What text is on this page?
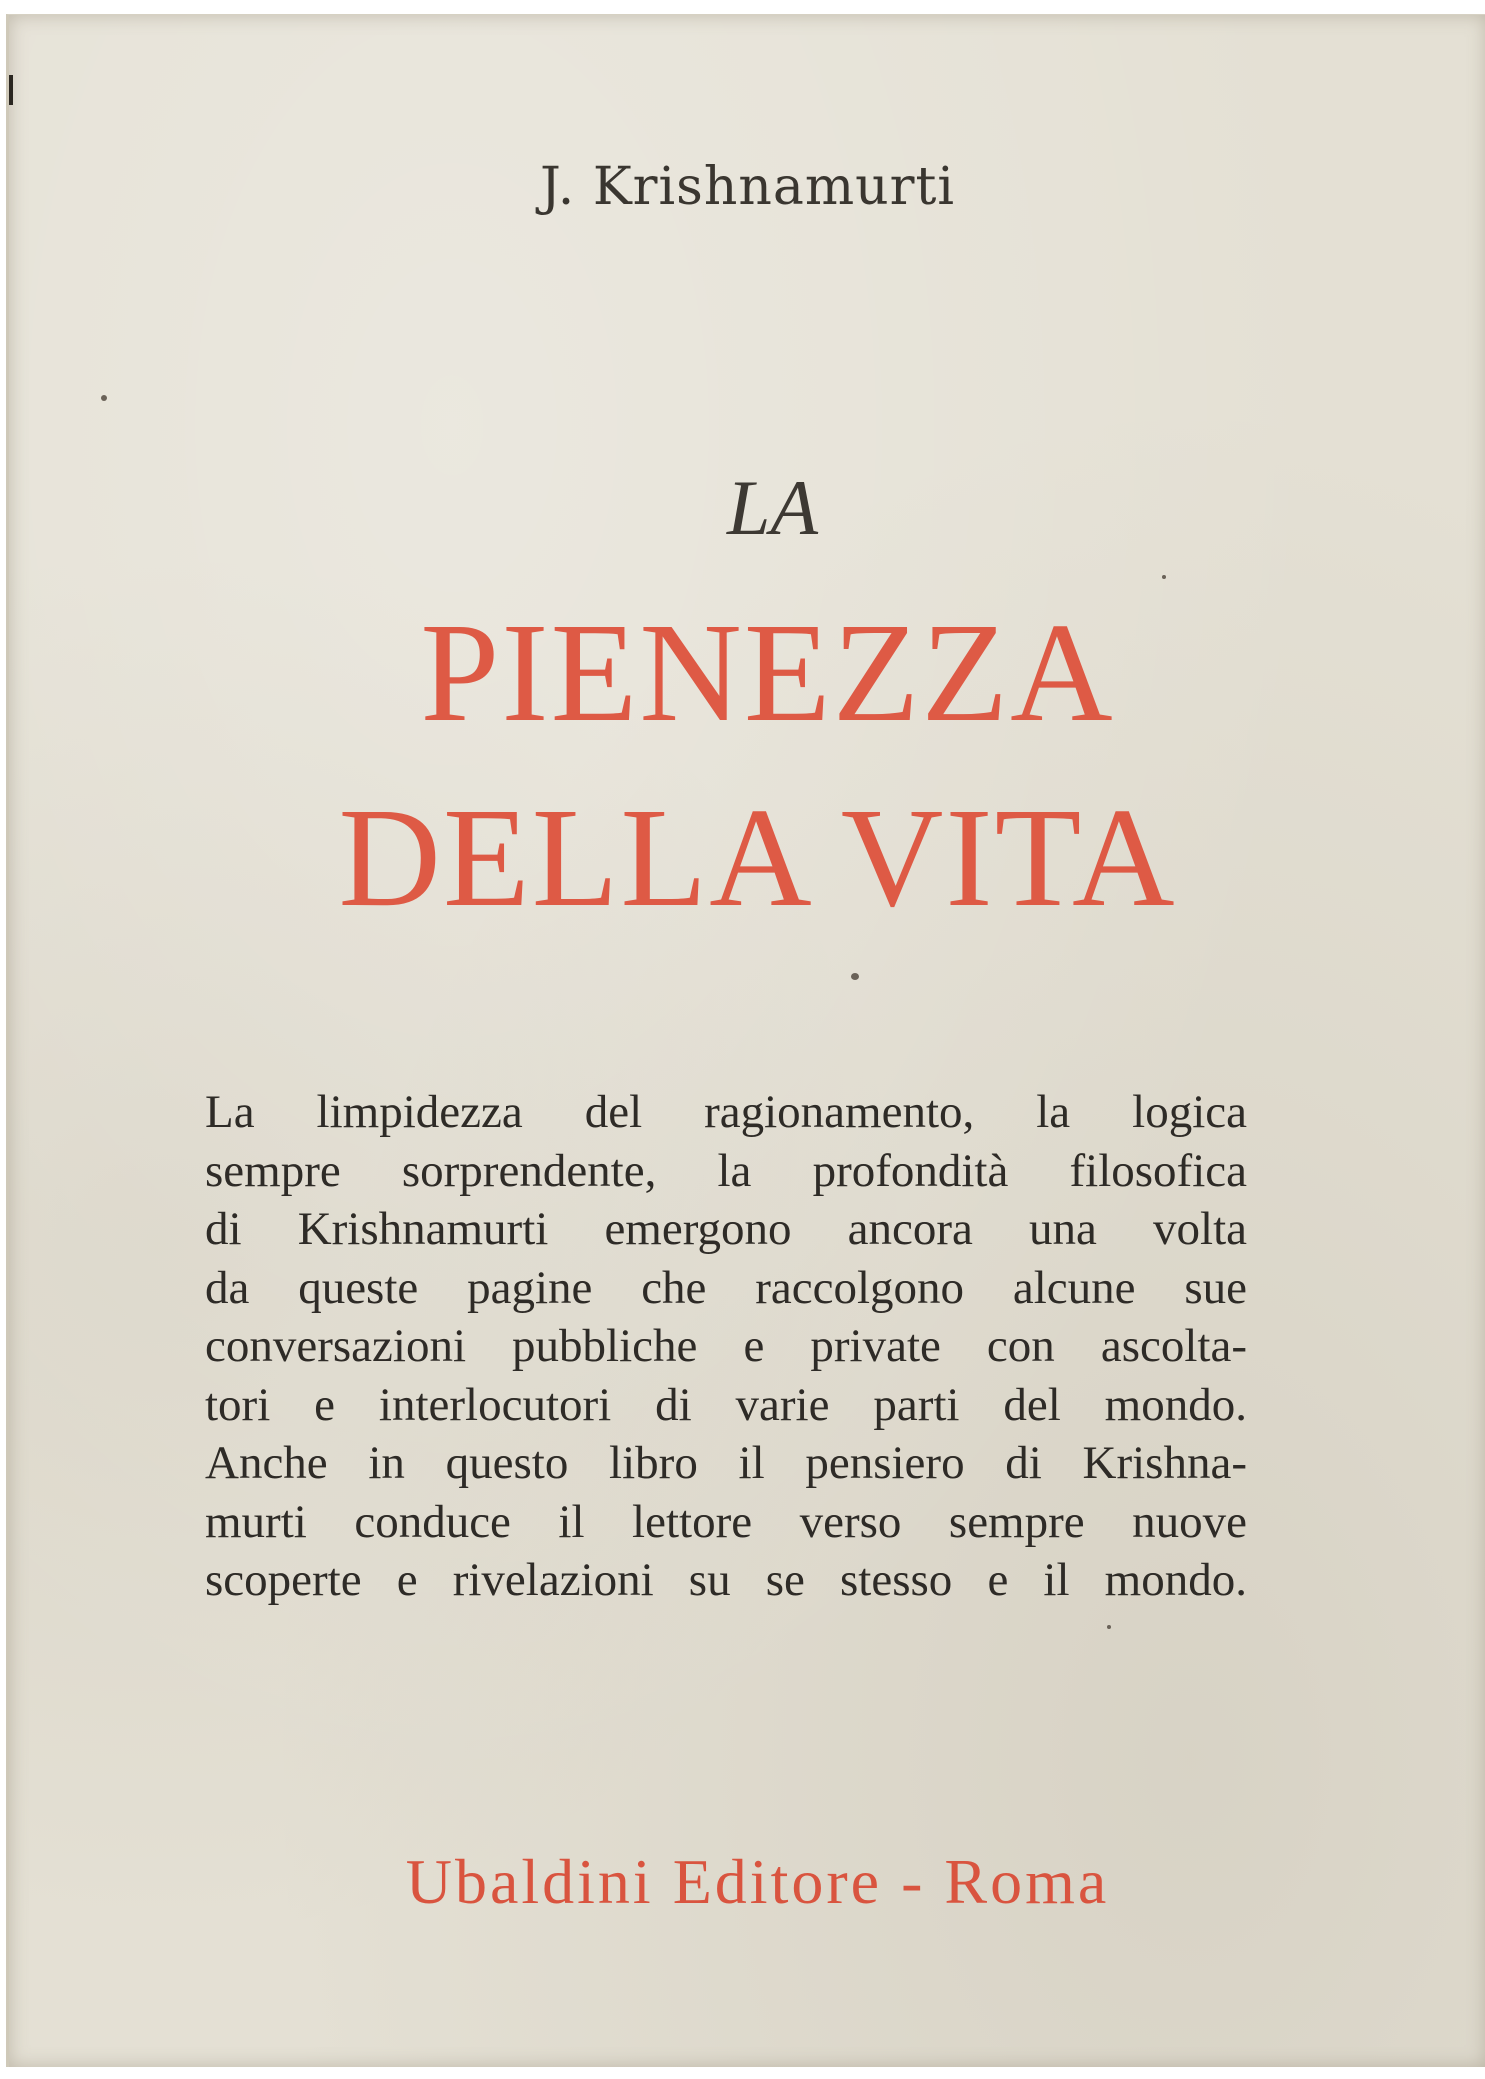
J. Krishnamurti

LA

PIENEZZA

DELLA VITA

La limpidezza del ragionamento, la logica
sempre sorprendente, la profondità filosofica
di Krishnamurti emergono ancora una volta
da queste pagine che raccolgono alcune sue
conversazioni pubbliche e private con ascolta-
tori e interlocutori di varie parti del mondo.
Anche in questo libro il pensiero di Krishna-
murti conduce il lettore verso sempre nuove
scoperte e rivelazioni su se stesso e il mondo.

Ubaldini Editore - Roma
